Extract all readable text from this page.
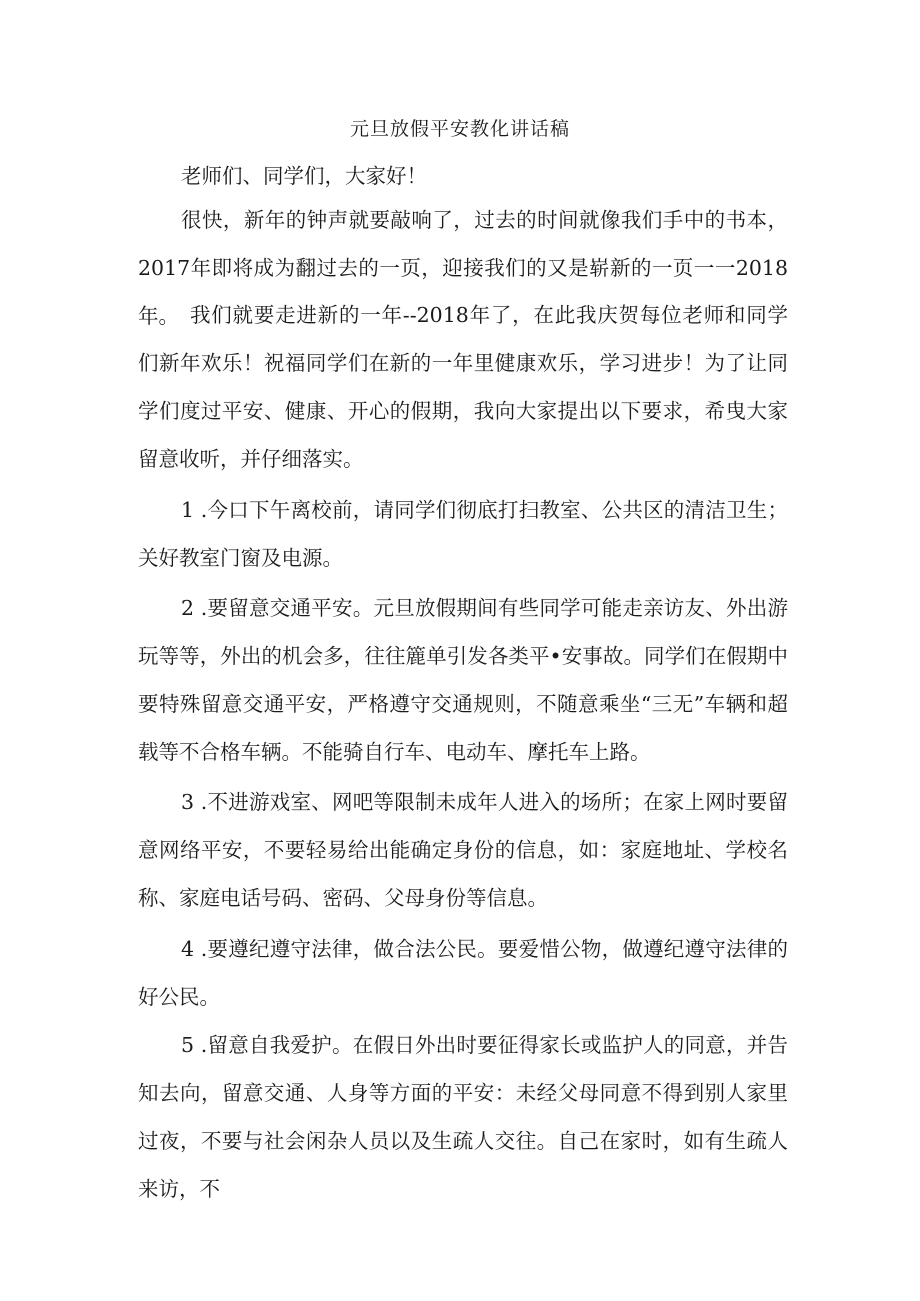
元旦放假平安教化讲话稿

老师们、同学们，大家好！

很快，新年的钟声就要敲响了，过去的时间就像我们手中的书本，2017年即将成为翻过去的一页，迎接我们的又是崭新的一页一一2018年。 我们就要走进新的一年--2018年了，在此我庆贺每位老师和同学们新年欢乐！祝福同学们在新的一年里健康欢乐，学习进步！为了让同学们度过平安、健康、开心的假期，我向大家提出以下要求，希曳大家留意收听，并仔细落实。

1 .今口下午离校前，请同学们彻底打扫教室、公共区的清洁卫生；关好教室门窗及电源。

2 .要留意交通平安。元旦放假期间有些同学可能走亲访友、外出游玩等等，外出的机会多，往往簏单引发各类平•安事故。同学们在假期中要特殊留意交通平安，严格遵守交通规则，不随意乘坐“三无”车辆和超载等不合格车辆。不能骑自行车、电动车、摩托车上路。

3 .不进游戏室、网吧等限制未成年人进入的场所；在家上网时要留意网络平安，不要轻易给出能确定身份的信息，如：家庭地址、学校名称、家庭电话号码、密码、父母身份等信息。

4 .要遵纪遵守法律，做合法公民。要爱惜公物，做遵纪遵守法律的好公民。

5 .留意自我爱护。在假日外出时要征得家长或监护人的同意，并告知去向，留意交通、人身等方面的平安：未经父母同意不得到别人家里过夜，不要与社会闲杂人员以及生疏人交往。自己在家时，如有生疏人来访，不
